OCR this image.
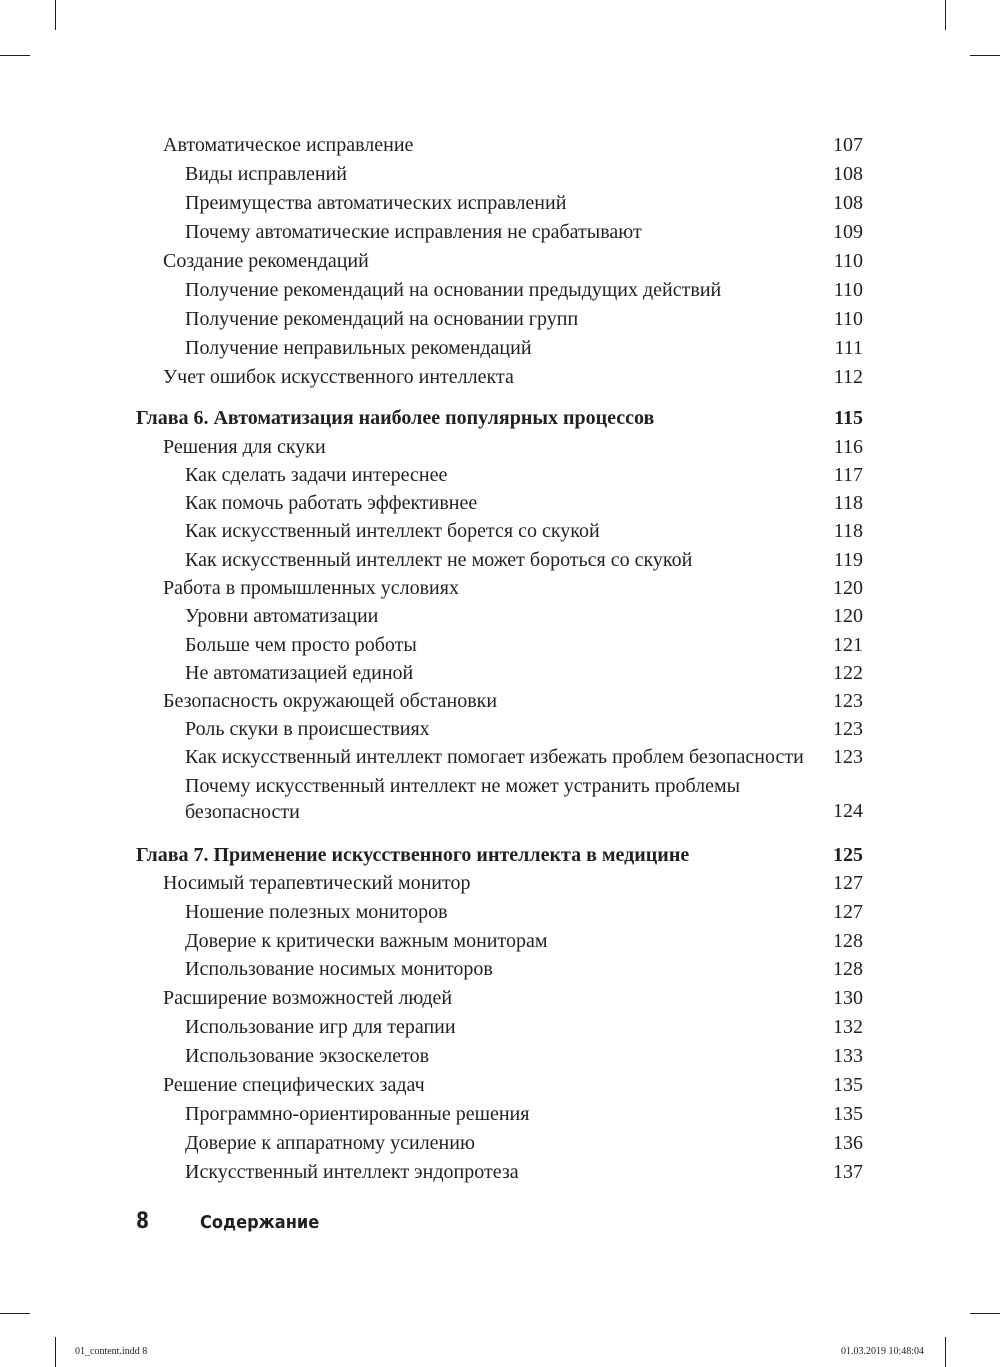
Автоматическое исправление	107
Виды исправлений	108
Преимущества автоматических исправлений	108
Почему автоматические исправления не срабатывают	109
Создание рекомендаций	110
Получение рекомендаций на основании предыдущих действий	110
Получение рекомендаций на основании групп	110
Получение неправильных рекомендаций	111
Учет ошибок искусственного интеллекта	112
Глава 6. Автоматизация наиболее популярных процессов	115
Решения для скуки	116
Как сделать задачи интереснее	117
Как помочь работать эффективнее	118
Как искусственный интеллект борется со скукой	118
Как искусственный интеллект не может бороться со скукой	119
Работа в промышленных условиях	120
Уровни автоматизации	120
Больше чем просто роботы	121
Не автоматизацией единой	122
Безопасность окружающей обстановки	123
Роль скуки в происшествиях	123
Как искусственный интеллект помогает избежать проблем безопасности 123
Почему искусственный интеллект не может устранить проблемы безопасности	124
Глава 7. Применение искусственного интеллекта в медицине	125
Носимый терапевтический монитор	127
Ношение полезных мониторов	127
Доверие к критически важным мониторам	128
Использование носимых мониторов	128
Расширение возможностей людей	130
Использование игр для терапии	132
Использование экзоскелетов	133
Решение специфических задач	135
Программно-ориентированные решения	135
Доверие к аппаратному усилению	136
Искусственный интеллект эндопротеза	137
8	Содержание
01_content.indd 8	01.03.2019 10:48:04
